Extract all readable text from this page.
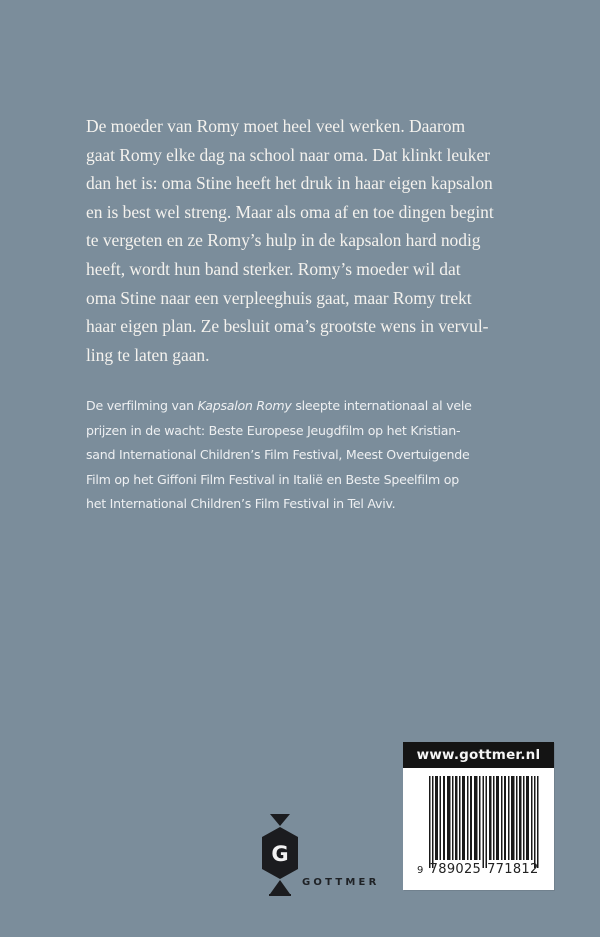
De moeder van Romy moet heel veel werken. Daarom
gaat Romy elke dag na school naar oma. Dat klinkt leuker
dan het is: oma Stine heeft het druk in haar eigen kapsalon
en is best wel streng. Maar als oma af en toe dingen begint
te vergeten en ze Romy’s hulp in de kapsalon hard nodig
heeft, wordt hun band sterker. Romy’s moeder wil dat
oma Stine naar een verpleeghuis gaat, maar Romy trekt
haar eigen plan. Ze besluit oma’s grootste wens in vervul-
ling te laten gaan.

De verfilming van Kapsalon Romy sleepte internationaal al vele
prijzen in de wacht: Beste Europese Jeugdfilm op het Kristian-
sand International Children’s Film Festival, Meest Overtuigende
Film op het Giffoni Film Festival in Italië en Beste Speelfilm op
het International Children’s Film Festival in Tel Aviv.

G
GOTTMER
www.gottmer.nl
9 789025 771812
